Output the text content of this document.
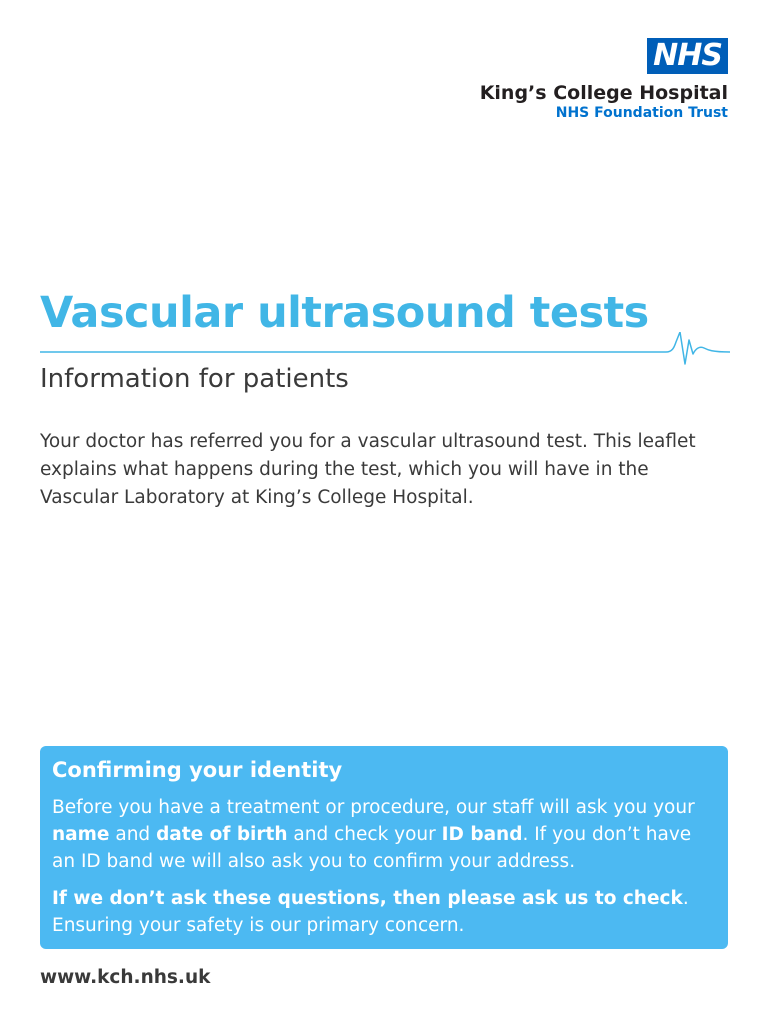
NHS
King’s College Hospital
NHS Foundation Trust
Vascular ultrasound tests
Information for patients

Your doctor has referred you for a vascular ultrasound test. This leaflet explains what happens during the test, which you will have in the Vascular Laboratory at King’s College Hospital.

Confirming your identity

Before you have a treatment or procedure, our staff will ask you your name and date of birth and check your ID band. If you don’t have an ID band we will also ask you to confirm your address.

If we don’t ask these questions, then please ask us to check. Ensuring your safety is our primary concern.

www.kch.nhs.uk
